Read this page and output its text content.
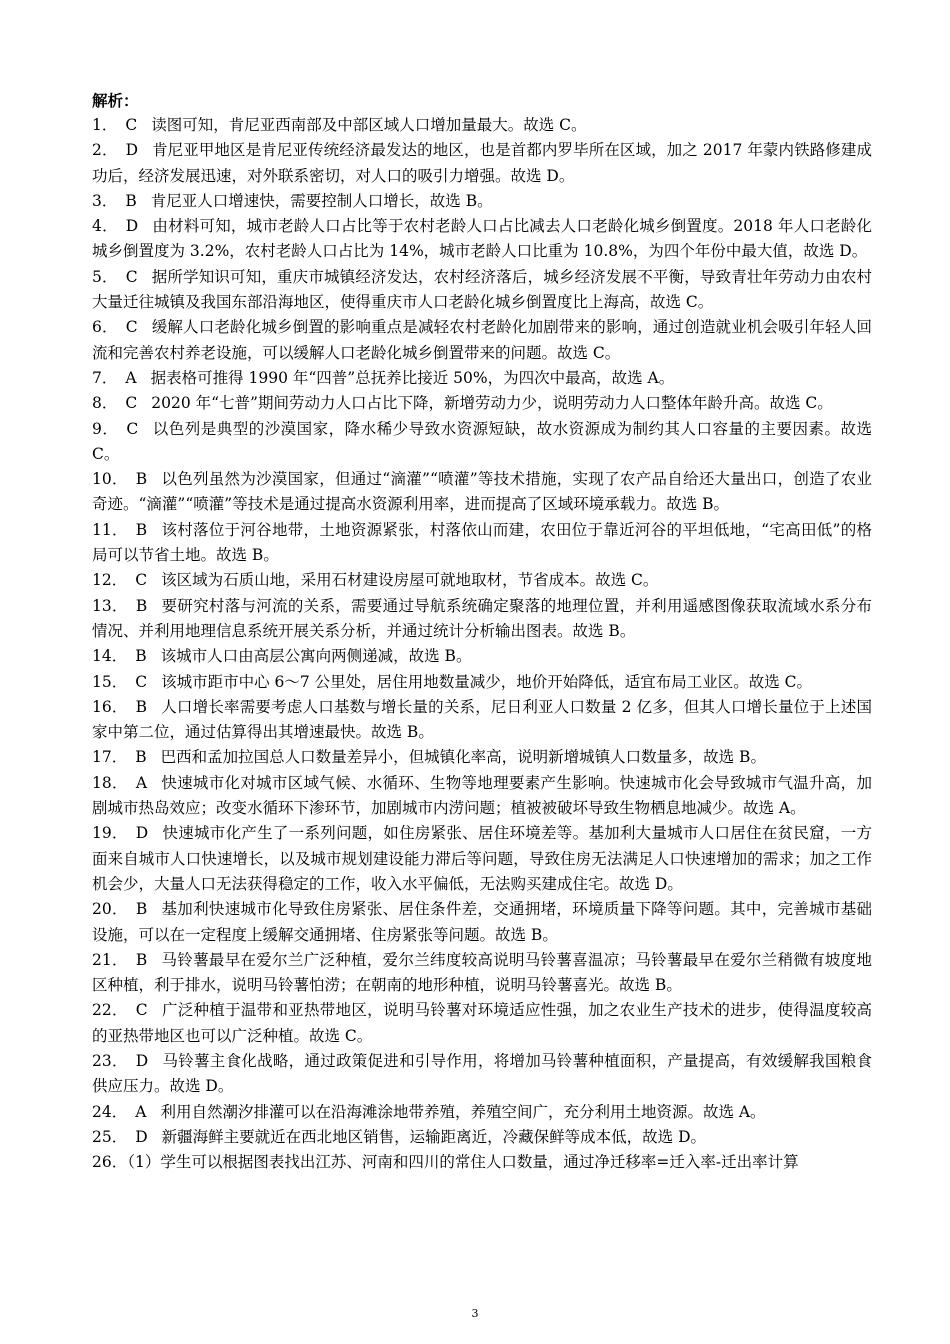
解析：

1． C 读图可知，肯尼亚西南部及中部区域人口增加量最大。故选 C。

2． D 肯尼亚甲地区是肯尼亚传统经济最发达的地区，也是首都内罗毕所在区域，加之 2017 年蒙内铁路修建成功后，经济发展迅速，对外联系密切，对人口的吸引力增强。故选 D。

3． B 肯尼亚人口增速快，需要控制人口增长，故选 B。

4． D 由材料可知，城市老龄人口占比等于农村老龄人口占比减去人口老龄化城乡倒置度。2018 年人口老龄化城乡倒置度为 3.2%，农村老龄人口占比为 14%，城市老龄人口比重为 10.8%，为四个年份中最大值，故选 D。

5． C 据所学知识可知，重庆市城镇经济发达，农村经济落后，城乡经济发展不平衡，导致青壮年劳动力由农村大量迁往城镇及我国东部沿海地区，使得重庆市人口老龄化城乡倒置度比上海高，故选 C。

6． C 缓解人口老龄化城乡倒置的影响重点是减轻农村老龄化加剧带来的影响，通过创造就业机会吸引年轻人回流和完善农村养老设施，可以缓解人口老龄化城乡倒置带来的问题。故选 C。

7． A 据表格可推得 1990 年“四普”总抚养比接近 50%，为四次中最高，故选 A。

8． C 2020 年“七普”期间劳动力人口占比下降，新增劳动力少，说明劳动力人口整体年龄升高。故选 C。

9． C 以色列是典型的沙漠国家，降水稀少导致水资源短缺，故水资源成为制约其人口容量的主要因素。故选 C。

10． B 以色列虽然为沙漠国家，但通过“滴灌”“喷灌”等技术措施，实现了农产品自给还大量出口，创造了农业奇迹。“滴灌”“喷灌”等技术是通过提高水资源利用率，进而提高了区域环境承载力。故选 B。

11． B 该村落位于河谷地带，土地资源紧张，村落依山而建，农田位于靠近河谷的平坦低地，“宅高田低”的格局可以节省土地。故选 B。

12． C 该区域为石质山地，采用石材建设房屋可就地取材，节省成本。故选 C。

13． B 要研究村落与河流的关系，需要通过导航系统确定聚落的地理位置，并利用遥感图像获取流域水系分布情况、并利用地理信息系统开展关系分析，并通过统计分析输出图表。故选 B。

14． B 该城市人口由高层公寓向两侧递减，故选 B。

15． C 该城市距市中心 6～7 公里处，居住用地数量减少，地价开始降低，适宜布局工业区。故选 C。

16． B 人口增长率需要考虑人口基数与增长量的关系，尼日利亚人口数量 2 亿多，但其人口增长量位于上述国家中第二位，通过估算得出其增速最快。故选 B。

17． B 巴西和孟加拉国总人口数量差异小，但城镇化率高，说明新增城镇人口数量多，故选 B。

18． A 快速城市化对城市区域气候、水循环、生物等地理要素产生影响。快速城市化会导致城市气温升高，加剧城市热岛效应；改变水循环下渗环节，加剧城市内涝问题；植被被破坏导致生物栖息地减少。故选 A。

19． D 快速城市化产生了一系列问题，如住房紧张、居住环境差等。基加利大量城市人口居住在贫民窟，一方面来自城市人口快速增长，以及城市规划建设能力滞后等问题，导致住房无法满足人口快速增加的需求；加之工作机会少，大量人口无法获得稳定的工作，收入水平偏低，无法购买建成住宅。故选 D。

20． B 基加利快速城市化导致住房紧张、居住条件差，交通拥堵，环境质量下降等问题。其中，完善城市基础设施，可以在一定程度上缓解交通拥堵、住房紧张等问题。故选 B。

21． B 马铃薯最早在爱尔兰广泛种植，爱尔兰纬度较高说明马铃薯喜温凉；马铃薯最早在爱尔兰稍微有坡度地区种植，利于排水，说明马铃薯怕涝；在朝南的地形种植，说明马铃薯喜光。故选 B。

22． C 广泛种植于温带和亚热带地区，说明马铃薯对环境适应性强，加之农业生产技术的进步，使得温度较高的亚热带地区也可以广泛种植。故选 C。

23． D 马铃薯主食化战略，通过政策促进和引导作用，将增加马铃薯种植面积，产量提高，有效缓解我国粮食供应压力。故选 D。

24． A 利用自然潮汐排灌可以在沿海滩涂地带养殖，养殖空间广，充分利用土地资源。故选 A。

25． D 新疆海鲜主要就近在西北地区销售，运输距离近，冷藏保鲜等成本低，故选 D。

26．（1）学生可以根据图表找出江苏、河南和四川的常住人口数量，通过净迁移率=迁入率-迁出率计算

3
